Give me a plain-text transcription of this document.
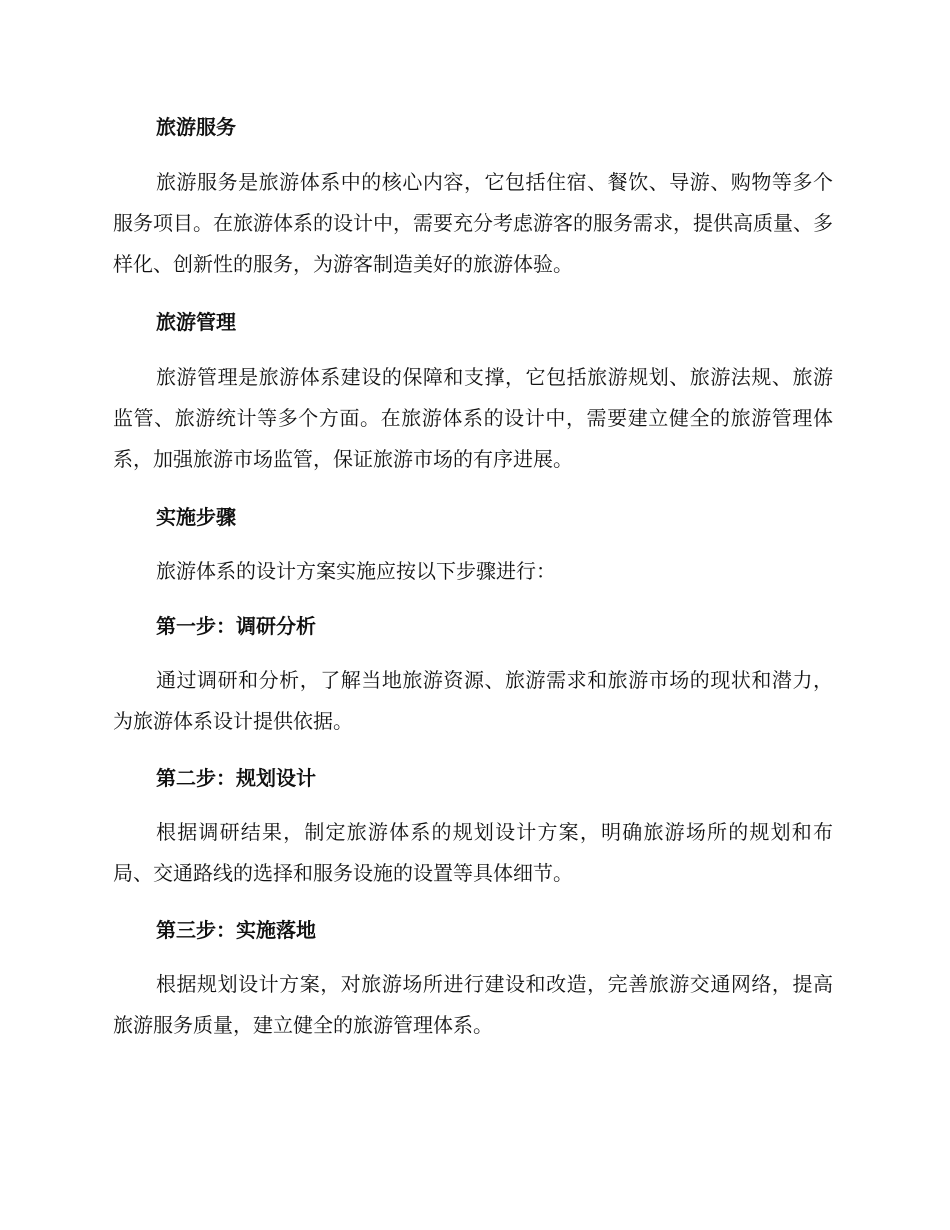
旅游服务
旅游服务是旅游体系中的核心内容，它包括住宿、餐饮、导游、购物等多个服务项目。在旅游体系的设计中，需要充分考虑游客的服务需求，提供高质量、多样化、创新性的服务，为游客制造美好的旅游体验。
旅游管理
旅游管理是旅游体系建设的保障和支撑，它包括旅游规划、旅游法规、旅游监管、旅游统计等多个方面。在旅游体系的设计中，需要建立健全的旅游管理体系，加强旅游市场监管，保证旅游市场的有序进展。
实施步骤
旅游体系的设计方案实施应按以下步骤进行：
第一步：调研分析
通过调研和分析，了解当地旅游资源、旅游需求和旅游市场的现状和潜力，为旅游体系设计提供依据。
第二步：规划设计
根据调研结果，制定旅游体系的规划设计方案，明确旅游场所的规划和布局、交通路线的选择和服务设施的设置等具体细节。
第三步：实施落地
根据规划设计方案，对旅游场所进行建设和改造，完善旅游交通网络，提高旅游服务质量，建立健全的旅游管理体系。
